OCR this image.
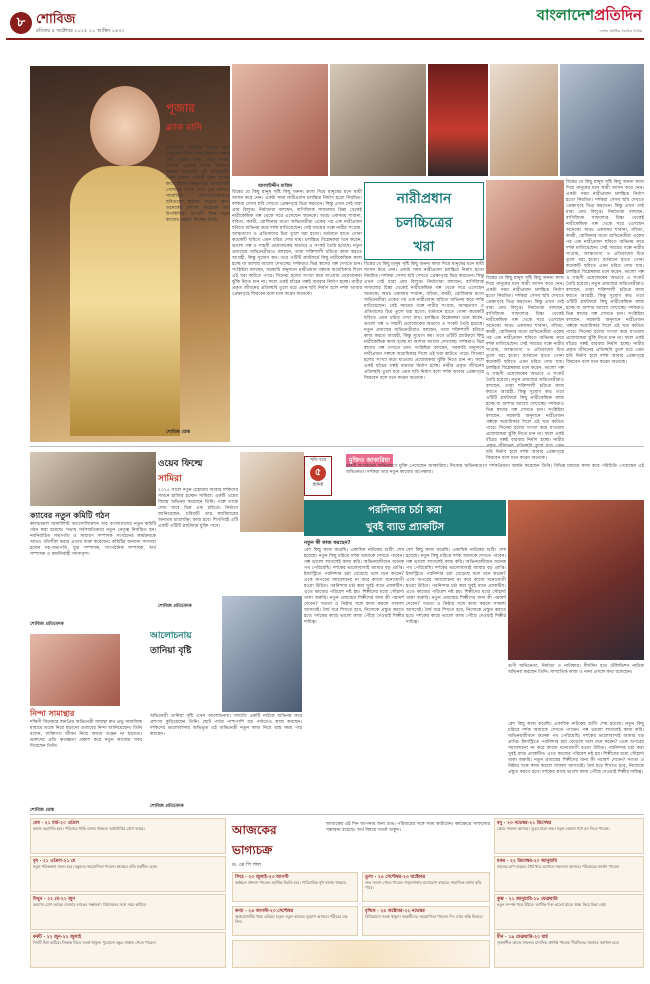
৮ শোবিজ
রবিবার ৫ অক্টোবর ২০২৫ ২০ আশ্বিন ১৪৩২
বাংলাদেশপ্রতিদিন
দেশের সর্বাধিক প্রচারিত দৈনিক
পূজার
ব্ল্যাক মানি
রাতারাতি বলিউড তারকা হয়ে উঠেছেন তিনি। তার কিছুদিন আগে দেবী পূজায় দেখা গেছে তাকে। নিজের পুজোর সাজে ভক্তদের সামনে এসেছেন এই অভিনেত্রী। তিনি বলেন, প্রতিটি পূজা আমার কাছে বিশেষ অনুভূতির। ঐতিহ্যবাহী পোশাকে তাকে দেখে মুগ্ধ ভক্তরা। সামাজিক যোগাযোগমাধ্যমে ছবিগুলো ছড়িয়ে পড়েছে দ্রুত। অনেকেই প্রশংসা করেছেন তার উপস্থিতির। আগামী দিনে নতুন কাজের প্রস্তুতি নিচ্ছেন তিনি।
শোবিজ ডেস্ক
আলাউদ্দীন মাজিদ
বিশ্বের যে কিছু মানুষ সৃষ্টি কিছু অনন্য কাজ দিয়ে মানুষের মনে স্থায়ী আসন করে নেন। একটা সময় নারীপ্রধান চলচ্চিত্র নির্মাণ হতো নিয়মিত। দর্শকরা সেসব ছবি দেখতে প্রেক্ষাগৃহে ভিড় করতেন। কিন্তু এখন সেই ধারা প্রায় বিলুপ্ত। নির্মাতারা বলছেন, বাণিজ্যিক সাফল্যের চিন্তা থেকেই নারীকেন্দ্রিক গল্প থেকে সরে এসেছেন অনেকে। অথচ একসময় শাবানা, ববিতা, কবরী, রোজিনার মতো অভিনেত্রীরা একের পর এক নারীপ্রধান ছবিতে অভিনয় করে দর্শক মাতিয়েছেন। সেই সময়ের গল্পে নারীর সংগ্রাম, আত্মত্যাগ ও প্রতিবাদের চিত্র তুলে ধরা হতো। বর্তমানে হাতে গোনা কয়েকটি ছবিতে এমন চরিত্র দেখা যায়। চলচ্চিত্র বিশ্লেষকরা মনে করেন, ভালো গল্প ও সাহসী প্রযোজকের অভাবে এ সংকট তৈরি হয়েছে। নতুন প্রজন্মের অভিনেত্রীরাও বলছেন, তারা শক্তিশালী চরিত্রে কাজ করতে আগ্রহী, কিন্তু সুযোগ কম। তবে ওটিটি প্ল্যাটফর্মে কিছু নারীকেন্দ্রিক কাজ হচ্ছে যা আশার আলো দেখাচ্ছে। দর্শকরাও ভিন্ন স্বাদের গল্প দেখতে চান। সংশ্লিষ্টরা বলছেন, সরকারি অনুদানে নারীপ্রধান গল্পকে অগ্রাধিকার দিলে এই খরা কাটতে পারে। সিনেমা হলের সংখ্যা কমে যাওয়ায় প্রযোজকরা ঝুঁকি নিতে চান না। ফলে একই ধাঁচের গল্পই বারবার নির্মাণ হচ্ছে। নারীর প্রকৃত জীবনের প্রতিচ্ছবি তুলে ধরে এমন ছবি নির্মাণ হলে দর্শক আবার প্রেক্ষাগৃহে ফিরবেন বলে মনে করেন অনেকে।
নারীপ্রধান
চলচ্চিত্রের
খরা
বিশ্বের যে কিছু মানুষ সৃষ্টি কিছু অনন্য কাজ দিয়ে মানুষের মনে স্থায়ী আসন করে নেন। একটা সময় নারীপ্রধান চলচ্চিত্র নির্মাণ হতো নিয়মিত। দর্শকরা সেসব ছবি দেখতে প্রেক্ষাগৃহে ভিড় করতেন। কিন্তু এখন সেই ধারা প্রায় বিলুপ্ত। নির্মাতারা বলছেন, বাণিজ্যিক সাফল্যের চিন্তা থেকেই নারীকেন্দ্রিক গল্প থেকে সরে এসেছেন অনেকে। অথচ একসময় শাবানা, ববিতা, কবরী, রোজিনার মতো অভিনেত্রীরা একের পর এক নারীপ্রধান ছবিতে অভিনয় করে দর্শক মাতিয়েছেন। সেই সময়ের গল্পে নারীর সংগ্রাম, আত্মত্যাগ ও প্রতিবাদের চিত্র তুলে ধরা হতো। বর্তমানে হাতে গোনা কয়েকটি ছবিতে এমন চরিত্র দেখা যায়। চলচ্চিত্র বিশ্লেষকরা মনে করেন, ভালো গল্প ও সাহসী প্রযোজকের অভাবে এ সংকট তৈরি হয়েছে। নতুন প্রজন্মের অভিনেত্রীরাও বলছেন, তারা শক্তিশালী চরিত্রে কাজ করতে আগ্রহী, কিন্তু সুযোগ কম। তবে ওটিটি প্ল্যাটফর্মে কিছু নারীকেন্দ্রিক কাজ হচ্ছে যা আশার আলো দেখাচ্ছে। দর্শকরাও ভিন্ন স্বাদের গল্প দেখতে চান। সংশ্লিষ্টরা বলছেন, সরকারি অনুদানে নারীপ্রধান গল্পকে অগ্রাধিকার দিলে এই খরা কাটতে পারে। সিনেমা হলের সংখ্যা কমে যাওয়ায় প্রযোজকরা ঝুঁকি নিতে চান না। ফলে একই ধাঁচের গল্পই বারবার নির্মাণ হচ্ছে। নারীর প্রকৃত জীবনের প্রতিচ্ছবি তুলে ধরে এমন ছবি নির্মাণ হলে দর্শক আবার প্রেক্ষাগৃহে ফিরবেন বলে মনে করেন অনেকে।
বিশ্বের যে কিছু মানুষ সৃষ্টি কিছু অনন্য কাজ দিয়ে মানুষের মনে স্থায়ী আসন করে নেন। একটা সময় নারীপ্রধান চলচ্চিত্র নির্মাণ হতো নিয়মিত। দর্শকরা সেসব ছবি দেখতে প্রেক্ষাগৃহে ভিড় করতেন। কিন্তু এখন সেই ধারা প্রায় বিলুপ্ত। নির্মাতারা বলছেন, বাণিজ্যিক সাফল্যের চিন্তা থেকেই নারীকেন্দ্রিক গল্প থেকে সরে এসেছেন অনেকে। অথচ একসময় শাবানা, ববিতা, কবরী, রোজিনার মতো অভিনেত্রীরা একের পর এক নারীপ্রধান ছবিতে অভিনয় করে দর্শক মাতিয়েছেন। সেই সময়ের গল্পে নারীর সংগ্রাম, আত্মত্যাগ ও প্রতিবাদের চিত্র তুলে ধরা হতো। বর্তমানে হাতে গোনা কয়েকটি ছবিতে এমন চরিত্র দেখা যায়। চলচ্চিত্র বিশ্লেষকরা মনে করেন, ভালো গল্প ও সাহসী প্রযোজকের অভাবে এ সংকট তৈরি হয়েছে। নতুন প্রজন্মের অভিনেত্রীরাও বলছেন, তারা শক্তিশালী চরিত্রে কাজ করতে আগ্রহী, কিন্তু সুযোগ কম। তবে ওটিটি প্ল্যাটফর্মে কিছু নারীকেন্দ্রিক কাজ হচ্ছে যা আশার আলো দেখাচ্ছে। দর্শকরাও ভিন্ন স্বাদের গল্প দেখতে চান। সংশ্লিষ্টরা বলছেন, সরকারি অনুদানে নারীপ্রধান গল্পকে অগ্রাধিকার দিলে এই খরা কাটতে পারে। সিনেমা হলের সংখ্যা কমে যাওয়ায় প্রযোজকরা ঝুঁকি নিতে চান না। ফলে একই ধাঁচের গল্পই বারবার নির্মাণ হচ্ছে। নারীর ছবি নির্মাণ হলে দর্শক আবার প্রেক্ষাগৃহে ফিরবেন বলে মনে করেন অনেকে।
বিশ্বের যে কিছু মানুষ সৃষ্টি কিছু অনন্য কাজ দিয়ে মানুষের মনে স্থায়ী আসন করে নেন। একটা সময় নারীপ্রধান চলচ্চিত্র নির্মাণ হতো নিয়মিত। দর্শকরা সেসব ছবি দেখতে প্রেক্ষাগৃহে ভিড় করতেন। কিন্তু এখন সেই ধারা প্রায় বিলুপ্ত। নির্মাতারা বলছেন, বাণিজ্যিক সাফল্যের চিন্তা থেকেই নারীকেন্দ্রিক গল্প থেকে সরে এসেছেন অনেকে। অথচ একসময় শাবানা, ববিতা, কবরী, রোজিনার মতো অভিনেত্রীরা একের পর এক নারীপ্রধান ছবিতে অভিনয় করে দর্শক মাতিয়েছেন। সেই সময়ের গল্পে নারীর সংগ্রাম, আত্মত্যাগ ও প্রতিবাদের চিত্র তুলে ধরা হতো। বর্তমানে হাতে গোনা কয়েকটি ছবিতে এমন চরিত্র দেখা যায়। চলচ্চিত্র বিশ্লেষকরা মনে করেন, ভালো গল্প ও সাহসী প্রযোজকের অভাবে এ সংকট তৈরি হয়েছে। নতুন প্রজন্মের অভিনেত্রীরাও বলছেন, তারা শক্তিশালী চরিত্রে কাজ করতে আগ্রহী, কিন্তু সুযোগ কম। তবে ওটিটি প্ল্যাটফর্মে কিছু নারীকেন্দ্রিক কাজ হচ্ছে যা আশার আলো দেখাচ্ছে। দর্শকরাও ভিন্ন স্বাদের গল্প দেখতে চান। সংশ্লিষ্টরা বলছেন, সরকারি অনুদানে নারীপ্রধান গল্পকে অগ্রাধিকার দিলে এই খরা কাটতে পারে। সিনেমা হলের সংখ্যা কমে যাওয়ায় প্রযোজকরা ঝুঁকি নিতে চান না। ফলে একই ধাঁচের গল্পই বারবার নির্মাণ হচ্ছে। নারীর প্রকৃত জীবনের প্রতিচ্ছবি তুলে ধরে এমন ছবি নির্মাণ হলে দর্শক আবার প্রেক্ষাগৃহে ফিরবেন বলে মনে করেন অনেকে।
ক্যাবের নতুন কমিটি গঠন
কালচারাল জার্নালিস্ট অ্যাসোসিয়েশন অব বাংলাদেশের নতুন কমিটি গঠন করা হয়েছে। সভায় সর্বসম্মতিক্রমে নতুন নেতৃত্ব নির্বাচিত হন। নবনির্বাচিত সভাপতি ও সাধারণ সম্পাদক সংগঠনের কার্যক্রমকে আরও গতিশীল করার প্রত্যয় ব্যক্ত করেছেন। কমিটির অন্যান্য সদস্যরা হলেন সহ-সভাপতি, যুগ্ম সম্পাদক, সাংগঠনিক সম্পাদক, অর্থ সম্পাদক ও কার্যনির্বাহী সদস্যবৃন্দ।
শোবিজ প্রতিবেদক
ওয়েব ফিল্মে
সামিরা
২০২৫ সালে নতুন চেহারায় আবার দর্শকদের সামনে হাজির হচ্ছেন সামিরা। একটি ওয়েব ফিল্মে অভিনয় করেছেন তিনি। গল্পে তাকে দেখা যাবে ভিন্ন এক চরিত্রে। নির্মাতা জানিয়েছেন, চরিত্রটি তার ক্যারিয়ারের অন্যতম চ্যালেঞ্জিং কাজ হবে। শিগগিরই এটি একটি ওটিটি প্ল্যাটফর্মে মুক্তি পাবে।
শোবিজ প্রতিবেদক
নিন্দা সামান্থার
দক্ষিণী সিনেমার জনপ্রিয় অভিনেত্রী সামান্থা রুথ প্রভু সামাজিক মাধ্যমে তাকে নিয়ে ছড়ানো গুজবের নিন্দা জানিয়েছেন। তিনি বলেন, ব্যক্তিগত জীবন নিয়ে অযথা গুঞ্জন না ছড়াতে। ভক্তদের প্রতি কৃতজ্ঞতা প্রকাশ করে নতুন কাজের খবর দিয়েছেন তিনি।
শোবিজ ডেস্ক
আলোচনায়
তানিয়া বৃষ্টি
অভিনেত্রী তানিয়া বৃষ্টি এখন আলোচনায়। সম্প্রতি একটি নাটকে অভিনয় করে প্রশংসা কুড়িয়েছেন তিনি। ছোট পর্দার পাশাপাশি বড় পর্দাতেও কাজ করছেন। দর্শকদের ভালোবাসায় অভিভূত এই অভিনেত্রী নতুন কাজ নিয়ে ব্যস্ত সময় পার করছেন।
শোবিজ প্রতিবেদক
খতি ধরে
৫
মিনিট
মুক্তিত জাকারিয়া
চারটি সংগঠনের অভিযোগে মুক্তি পেয়েছেন জাকারিয়া। নিজের অভিনয়গুণে দর্শকপ্রিয়তা অর্জন করেছেন তিনি। বিভিন্ন মাধ্যমে কাজ করে পরিচিতি পেয়েছেন এই অভিনেতা। দর্শকরা তার নতুন কাজের অপেক্ষায়।
পরনিন্দার চর্চা করা
খুবই ব্যাড প্র্যাকটিস
নতুন কী কাজ করছেন?
বেশ কিছু কাজ করেছি। একাধিক নাটকের শুটিং শেষ হয়েছে। নতুন কিছু চরিত্রে দর্শক আমাকে দেখতে পাবেন। গল্প ভালো লাগলেই কাজ করি। অভিনয়জীবনে অনেক পথ পেরিয়েছি। দর্শকের ভালোবাসাই আমার বড় প্রাপ্তি। ইন্ডাস্ট্রিতে পরনিন্দার চর্চা বেড়েছে বলে মনে করেন? একে অপরের সমালোচনা না করে কাজে মনোযোগী হওয়া উচিত। পরনিন্দার চর্চা করা খুবই ব্যাড প্র্যাকটিস। এতে কাজের পরিবেশ নষ্ট হয়। শিল্পীদের মধ্যে সৌহার্দ্য থাকা জরুরি। নতুন প্রজন্মের শিল্পীদের জন্য কী পরামর্শ দেবেন? সততা ও নিষ্ঠার সঙ্গে কাজ করলে সাফল্য আসবেই। ধৈর্য ধরে শিখতে হবে, নিজেকে প্রস্তুত করতে হবে। দর্শকের কাছে ভালো কাজ পৌঁছে দেওয়াই শিল্পীর দায়িত্ব।
বেশ কিছু কাজ করেছি। একাধিক নাটকের শুটিং শেষ হয়েছে। নতুন কিছু চরিত্রে দর্শক আমাকে দেখতে পাবেন। গল্প ভালো লাগলেই কাজ করি। অভিনয়জীবনে অনেক পথ পেরিয়েছি। দর্শকের ভালোবাসাই আমার বড় প্রাপ্তি। ইন্ডাস্ট্রিতে পরনিন্দার চর্চা বেড়েছে বলে মনে করেন? একে অপরের সমালোচনা না করে কাজে মনোযোগী হওয়া উচিত। পরনিন্দার চর্চা করা খুবই ব্যাড প্র্যাকটিস। এতে কাজের পরিবেশ নষ্ট হয়। শিল্পীদের মধ্যে সৌহার্দ্য থাকা জরুরি। নতুন প্রজন্মের শিল্পীদের জন্য কী পরামর্শ দেবেন? সততা ও নিষ্ঠার সঙ্গে কাজ করলে সাফল্য আসবেই। ধৈর্য ধরে শিখতে হবে, নিজেকে প্রস্তুত করতে হবে। দর্শকের কাছে ভালো কাজ পৌঁছে দেওয়াই শিল্পীর দায়িত্ব।
গুণী অভিনেতা, নির্মাতা ও নাট্যকার। দীর্ঘদিন ধরে টেলিভিশন নাটকে অভিনয় করছেন তিনি। সাম্প্রতিক কাজ ও নানা প্রসঙ্গে কথা বলেছেন।
বেশ কিছু কাজ করেছি। একাধিক নাটকের শুটিং শেষ হয়েছে। নতুন কিছু চরিত্রে দর্শক আমাকে দেখতে পাবেন। গল্প ভালো লাগলেই কাজ করি। অভিনয়জীবনে অনেক পথ পেরিয়েছি। দর্শকের ভালোবাসাই আমার বড় প্রাপ্তি। ইন্ডাস্ট্রিতে পরনিন্দার চর্চা বেড়েছে বলে মনে করেন? একে অপরের সমালোচনা না করে কাজে মনোযোগী হওয়া উচিত। পরনিন্দার চর্চা করা খুবই ব্যাড প্র্যাকটিস। এতে কাজের পরিবেশ নষ্ট হয়। শিল্পীদের মধ্যে সৌহার্দ্য থাকা জরুরি। নতুন প্রজন্মের শিল্পীদের জন্য কী পরামর্শ দেবেন? সততা ও নিষ্ঠার সঙ্গে কাজ করলে সাফল্য আসবেই। ধৈর্য ধরে শিখতে হবে, নিজেকে প্রস্তুত করতে হবে। দর্শকের কাছে ভালো কাজ পৌঁছে দেওয়াই শিল্পীর দায়িত্ব।
আজকের
ভাগ্যচক্র
ড. কে পি পাল
আজকের এই দিন আপনার জন্য শুভ। পরিবারের সঙ্গে সময় কাটাবেন। কর্মক্ষেত্রে সাফল্যের সম্ভাবনা রয়েছে। অর্থ বিষয়ে সতর্ক থাকুন।
মেষ · ২১ মার্চ-২০ এপ্রিল
কাজে অগ্রগতি হবে। পরিবারে শান্তি বজায় থাকবে। অর্থপ্রাপ্তির যোগ আছে।
বৃষ · ২১ এপ্রিল-২১ মে
নতুন পরিকল্পনা সফল হবে। বন্ধুদের সহযোগিতা পাবেন। স্বাস্থ্যের প্রতি যত্নশীল হোন।
মিথুন · ২২ মে-২১ জুন
ভ্রমণের যোগ আছে। ব্যবসায় লাভের সম্ভাবনা। প্রিয়জনের সঙ্গে সময় কাটবে।
কর্কট · ২২ জুন-২২ জুলাই
দিনটি মিশ্র কাটবে। সিদ্ধান্ত নিতে সতর্ক থাকুন। পুরোনো বন্ধুর সাক্ষাৎ পেতে পারেন।
সিংহ · ২৩ জুলাই-২৩ আগস্ট
কর্মস্থলে প্রশংসা পাবেন। আর্থিক উন্নতি হবে। পারিবারিক সুখ বজায় থাকবে।
তুলা · ২৪ সেপ্টেম্বর-২৩ অক্টোবর
শুভ সংবাদ পেতে পারেন। পড়াশোনায় মনোযোগ বাড়বে। সামাজিক মর্যাদা বৃদ্ধি পাবে।
কন্যা · ২৪ আগস্ট-২৩ সেপ্টেম্বর
অপ্রয়োজনীয় খরচ এড়িয়ে চলুন। নতুন কাজের সুযোগ আসবে। শরীরের যত্ন নিন।
বৃশ্চিক · ২৪ অক্টোবর-২২ নভেম্বর
বিনিয়োগে সতর্ক থাকুন। সহকর্মীদের সহযোগিতা পাবেন। দিন শেষে স্বস্তি মিলবে।
ধনু · ২৩ নভেম্বর-২১ ডিসেম্বর
প্রেমে সাফল্য আসবে। দূরের যাত্রা শুভ। নতুন কোনো শখে মন দিতে পারেন।
মকর · ২২ ডিসেম্বর-২০ জানুয়ারি
কাজের চাপ বাড়বে। ধৈর্য ধরে এগোলে সফলতা আসবে। পরিবারের সমর্থন পাবেন।
কুম্ভ · ২১ জানুয়ারি-১৮ ফেব্রুয়ারি
নতুন সম্পর্ক গড়ে উঠবে। আর্থিক দিক ভালো যাবে। স্বাস্থ্য নিয়ে চিন্তা নেই।
মীন · ১৯ ফেব্রুয়ারি-২০ মার্চ
সৃজনশীল কাজে সাফল্য। মানসিক প্রশান্তি পাবেন। দীর্ঘদিনের সমস্যার সমাধান হবে।
